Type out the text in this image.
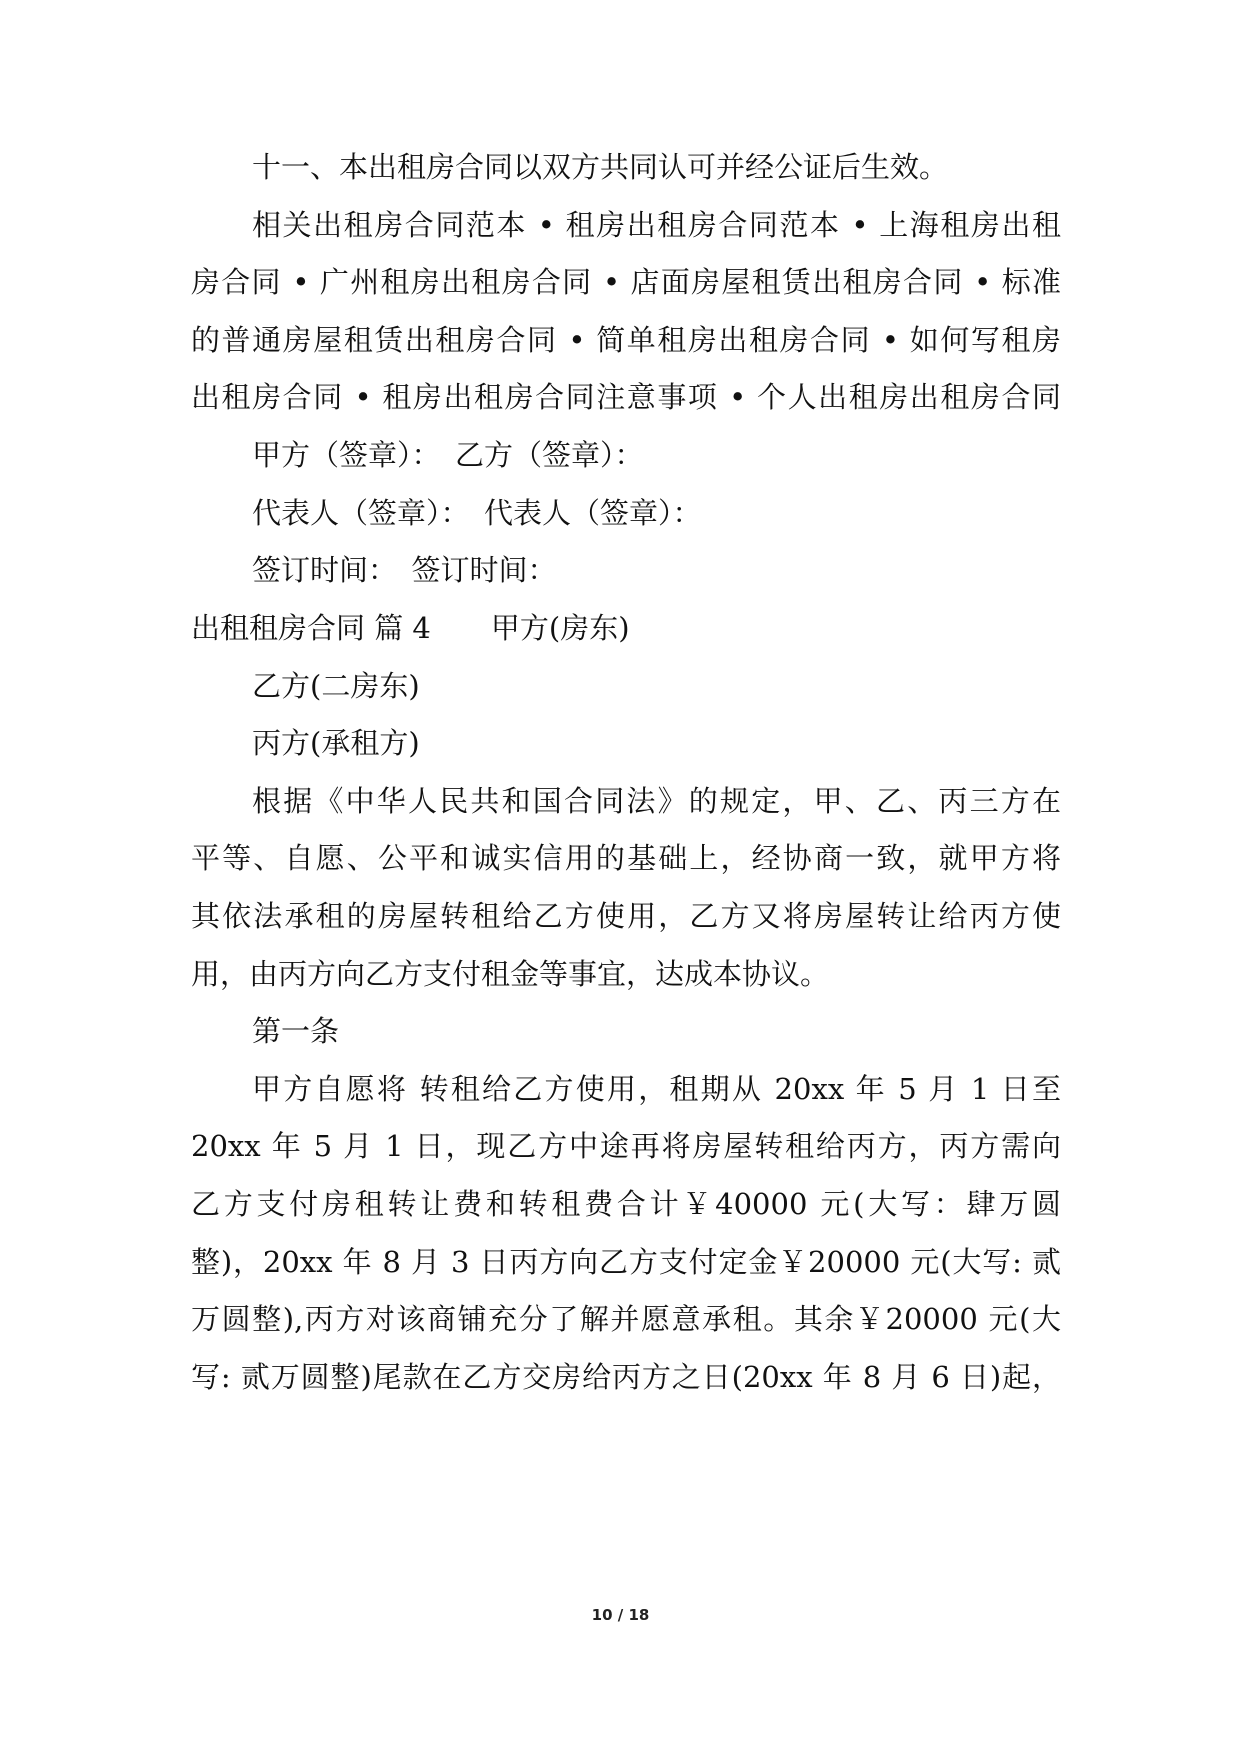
十一、本出租房合同以双方共同认可并经公证后生效。
相关出租房合同范本 • 租房出租房合同范本 • 上海租房出租
房合同 • 广州租房出租房合同 • 店面房屋租赁出租房合同 • 标准
的普通房屋租赁出租房合同 • 简单租房出租房合同 • 如何写租房
出租房合同 • 租房出租房合同注意事项 • 个人出租房出租房合同
甲方（签章）：　乙方（签章）：
代表人（签章）：　代表人（签章）：
签订时间：　签订时间：
出租租房合同 篇 4 甲方(房东)
乙方(二房东)
丙方(承租方)
根据《中华人民共和国合同法》的规定，甲、乙、丙三方在
平等、自愿、公平和诚实信用的基础上，经协商一致，就甲方将
其依法承租的房屋转租给乙方使用，乙方又将房屋转让给丙方使
用，由丙方向乙方支付租金等事宜，达成本协议。
第一条
甲方自愿将 转租给乙方使用，租期从 20xx 年 5 月 1 日至
20xx 年 5 月 1 日，现乙方中途再将房屋转租给丙方，丙方需向
乙方支付房租转让费和转租费合计￥40000 元(大写：肆万圆
整)，20xx 年 8 月 3 日丙方向乙方支付定金￥20000 元(大写: 贰
万圆整),丙方对该商铺充分了解并愿意承租。其余￥20000 元(大
写: 贰万圆整)尾款在乙方交房给丙方之日(20xx 年 8 月 6 日)起，
10 / 18
